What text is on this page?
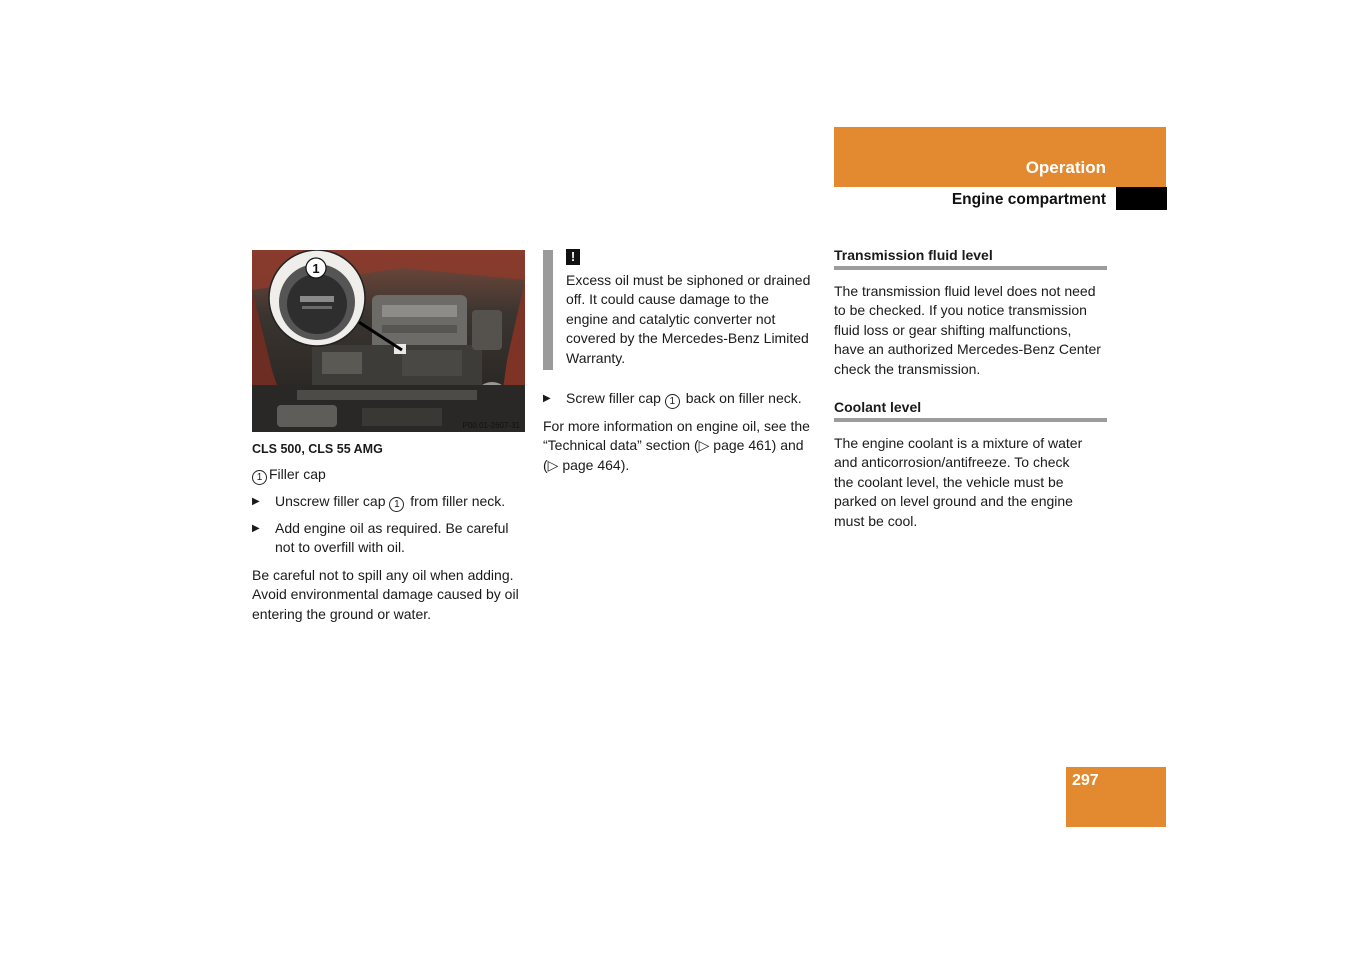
Operation
Engine compartment
1
P00.01-2607-31
CLS 500, CLS 55 AMG
1 Filler cap
▶ Unscrew filler cap 1 from filler neck.
▶ Add engine oil as required. Be careful
not to overfill with oil.
Be careful not to spill any oil when adding.
Avoid environmental damage caused by oil
entering the ground or water.
!
Excess oil must be siphoned or drained
off. It could cause damage to the
engine and catalytic converter not
covered by the Mercedes-Benz Limited
Warranty.
▶ Screw filler cap 1 back on filler neck.
For more information on engine oil, see the
“Technical data” section (▷ page 461) and
(▷ page 464).
Transmission fluid level
The transmission fluid level does not need
to be checked. If you notice transmission
fluid loss or gear shifting malfunctions,
have an authorized Mercedes-Benz Center
check the transmission.
Coolant level
The engine coolant is a mixture of water
and anticorrosion/antifreeze. To check
the coolant level, the vehicle must be
parked on level ground and the engine
must be cool.
297
